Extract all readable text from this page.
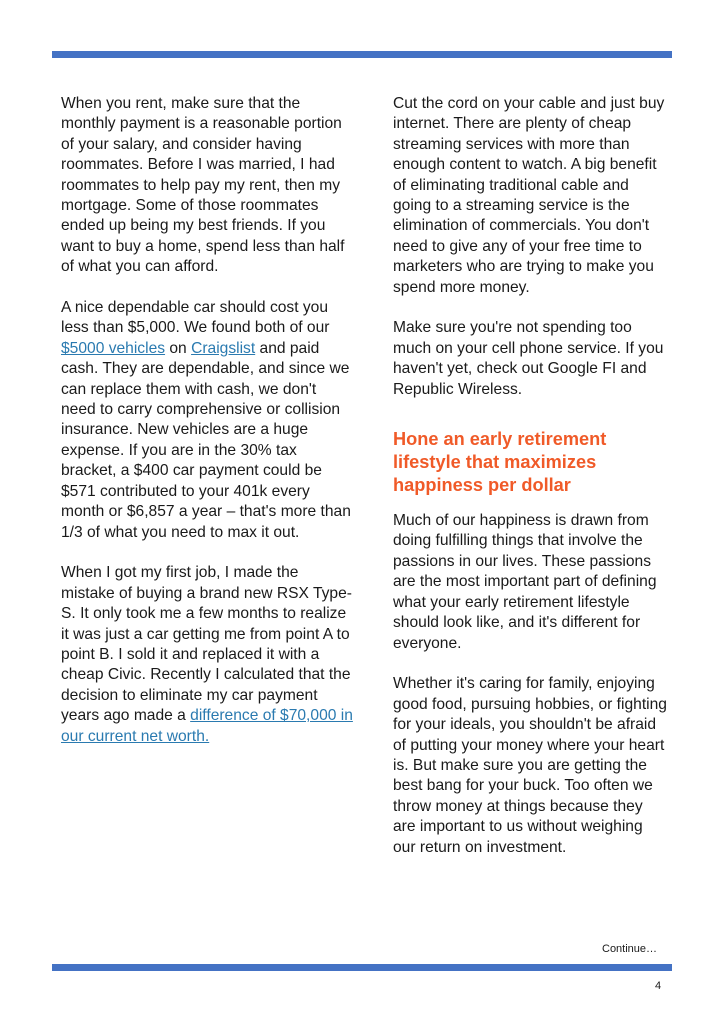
When you rent, make sure that the monthly payment is a reasonable portion of your salary, and consider having roommates. Before I was married, I had roommates to help pay my rent, then my mortgage. Some of those roommates ended up being my best friends. If you want to buy a home, spend less than half of what you can afford.

A nice dependable car should cost you less than $5,000. We found both of our $5000 vehicles on Craigslist and paid cash. They are dependable, and since we can replace them with cash, we don't need to carry comprehensive or collision insurance. New vehicles are a huge expense. If you are in the 30% tax bracket, a $400 car payment could be $571 contributed to your 401k every month or $6,857 a year – that's more than 1/3 of what you need to max it out.

When I got my first job, I made the mistake of buying a brand new RSX Type-S. It only took me a few months to realize it was just a car getting me from point A to point B. I sold it and replaced it with a cheap Civic. Recently I calculated that the decision to eliminate my car payment years ago made a difference of $70,000 in our current net worth.

Cut the cord on your cable and just buy internet. There are plenty of cheap streaming services with more than enough content to watch. A big benefit of eliminating traditional cable and going to a streaming service is the elimination of commercials. You don't need to give any of your free time to marketers who are trying to make you spend more money.

Make sure you're not spending too much on your cell phone service. If you haven't yet, check out Google FI and Republic Wireless.

Hone an early retirement lifestyle that maximizes happiness per dollar

Much of our happiness is drawn from doing fulfilling things that involve the passions in our lives. These passions are the most important part of defining what your early retirement lifestyle should look like, and it's different for everyone.

Whether it's caring for family, enjoying good food, pursuing hobbies, or fighting for your ideals, you shouldn't be afraid of putting your money where your heart is. But make sure you are getting the best bang for your buck. Too often we throw money at things because they are important to us without weighing our return on investment.

Continue…
4
